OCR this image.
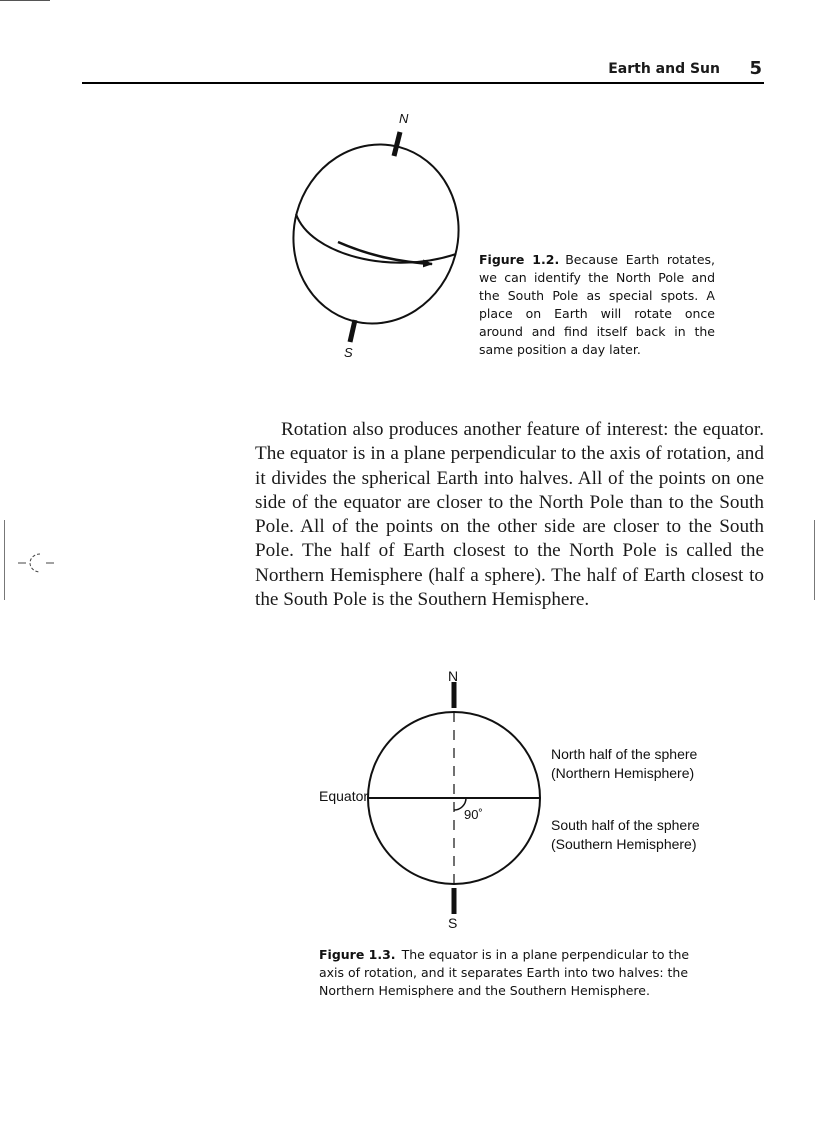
Earth and Sun 5
N
S
Figure 1.2. Because Earth rotates, we can identify the North Pole and the South Pole as special spots. A place on Earth will rotate once around and find itself back in the same position a day later.

Rotation also produces another feature of interest: the equator. The equator is in a plane perpendicular to the axis of rotation, and it divides the spherical Earth into halves. All of the points on one side of the equator are closer to the North Pole than to the South Pole. All of the points on the other side are closer to the South Pole. The half of Earth closest to the North Pole is called the Northern Hemisphere (half a sphere). The half of Earth closest to the South Pole is the Southern Hemisphere.

N
S
Equator
90˚
North half of the sphere
(Northern Hemisphere)
South half of the sphere
(Southern Hemisphere)
Figure 1.3. The equator is in a plane perpendicular to the axis of rotation, and it separates Earth into two halves: the Northern Hemisphere and the Southern Hemisphere.
